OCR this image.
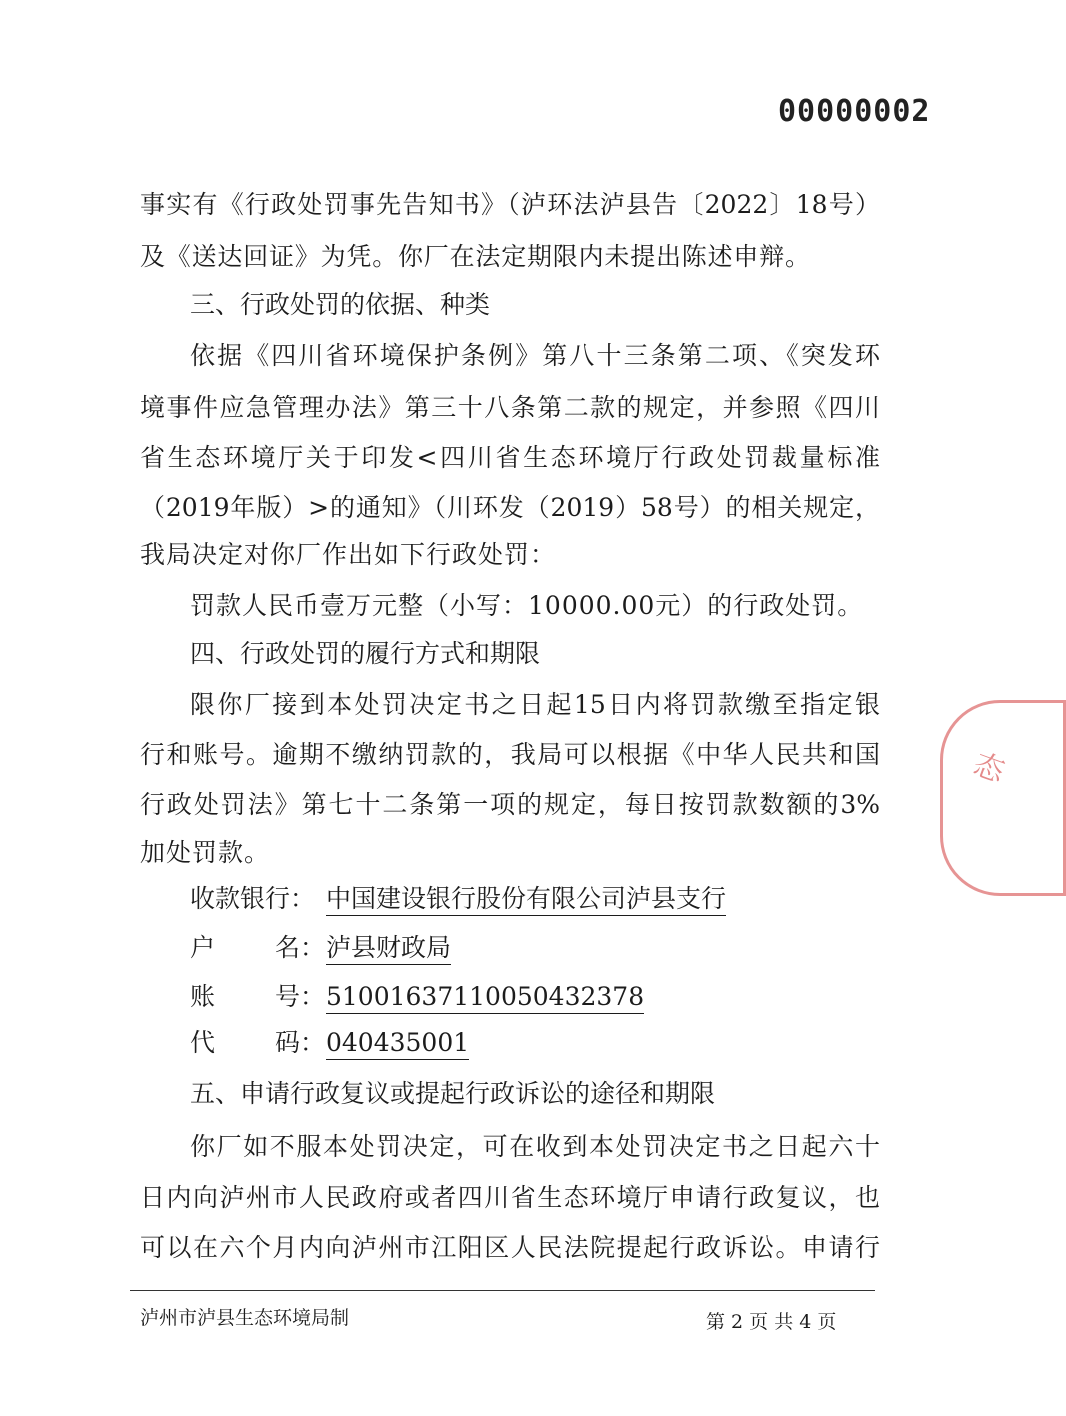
00000002
事实有《行政处罚事先告知书》（泸环法泸县告〔2022〕18号）
及《送达回证》为凭。你厂在法定期限内未提出陈述申辩。
三、行政处罚的依据、种类
依据《四川省环境保护条例》第八十三条第二项、《突发环
境事件应急管理办法》第三十八条第二款的规定，并参照《四川
省生态环境厅关于印发<四川省生态环境厅行政处罚裁量标准
（2019年版）>的通知》（川环发（2019）58号）的相关规定，
我局决定对你厂作出如下行政处罚：
罚款人民币壹万元整（小写：10000.00元）的行政处罚。
四、行政处罚的履行方式和期限
限你厂接到本处罚决定书之日起15日内将罚款缴至指定银
行和账号。逾期不缴纳罚款的，我局可以根据《中华人民共和国
行政处罚法》第七十二条第一项的规定，每日按罚款数额的3%
加处罚款。
收款银行： 中国建设银行股份有限公司泸县支行
户 名：泸县财政局
账 号：51001637110050432378
代 码：040435001
五、申请行政复议或提起行政诉讼的途径和期限
你厂如不服本处罚决定，可在收到本处罚决定书之日起六十
日内向泸州市人民政府或者四川省生态环境厅申请行政复议，也
可以在六个月内向泸州市江阳区人民法院提起行政诉讼。申请行
态
泸州市泸县生态环境局制	第 2 页 共 4 页
